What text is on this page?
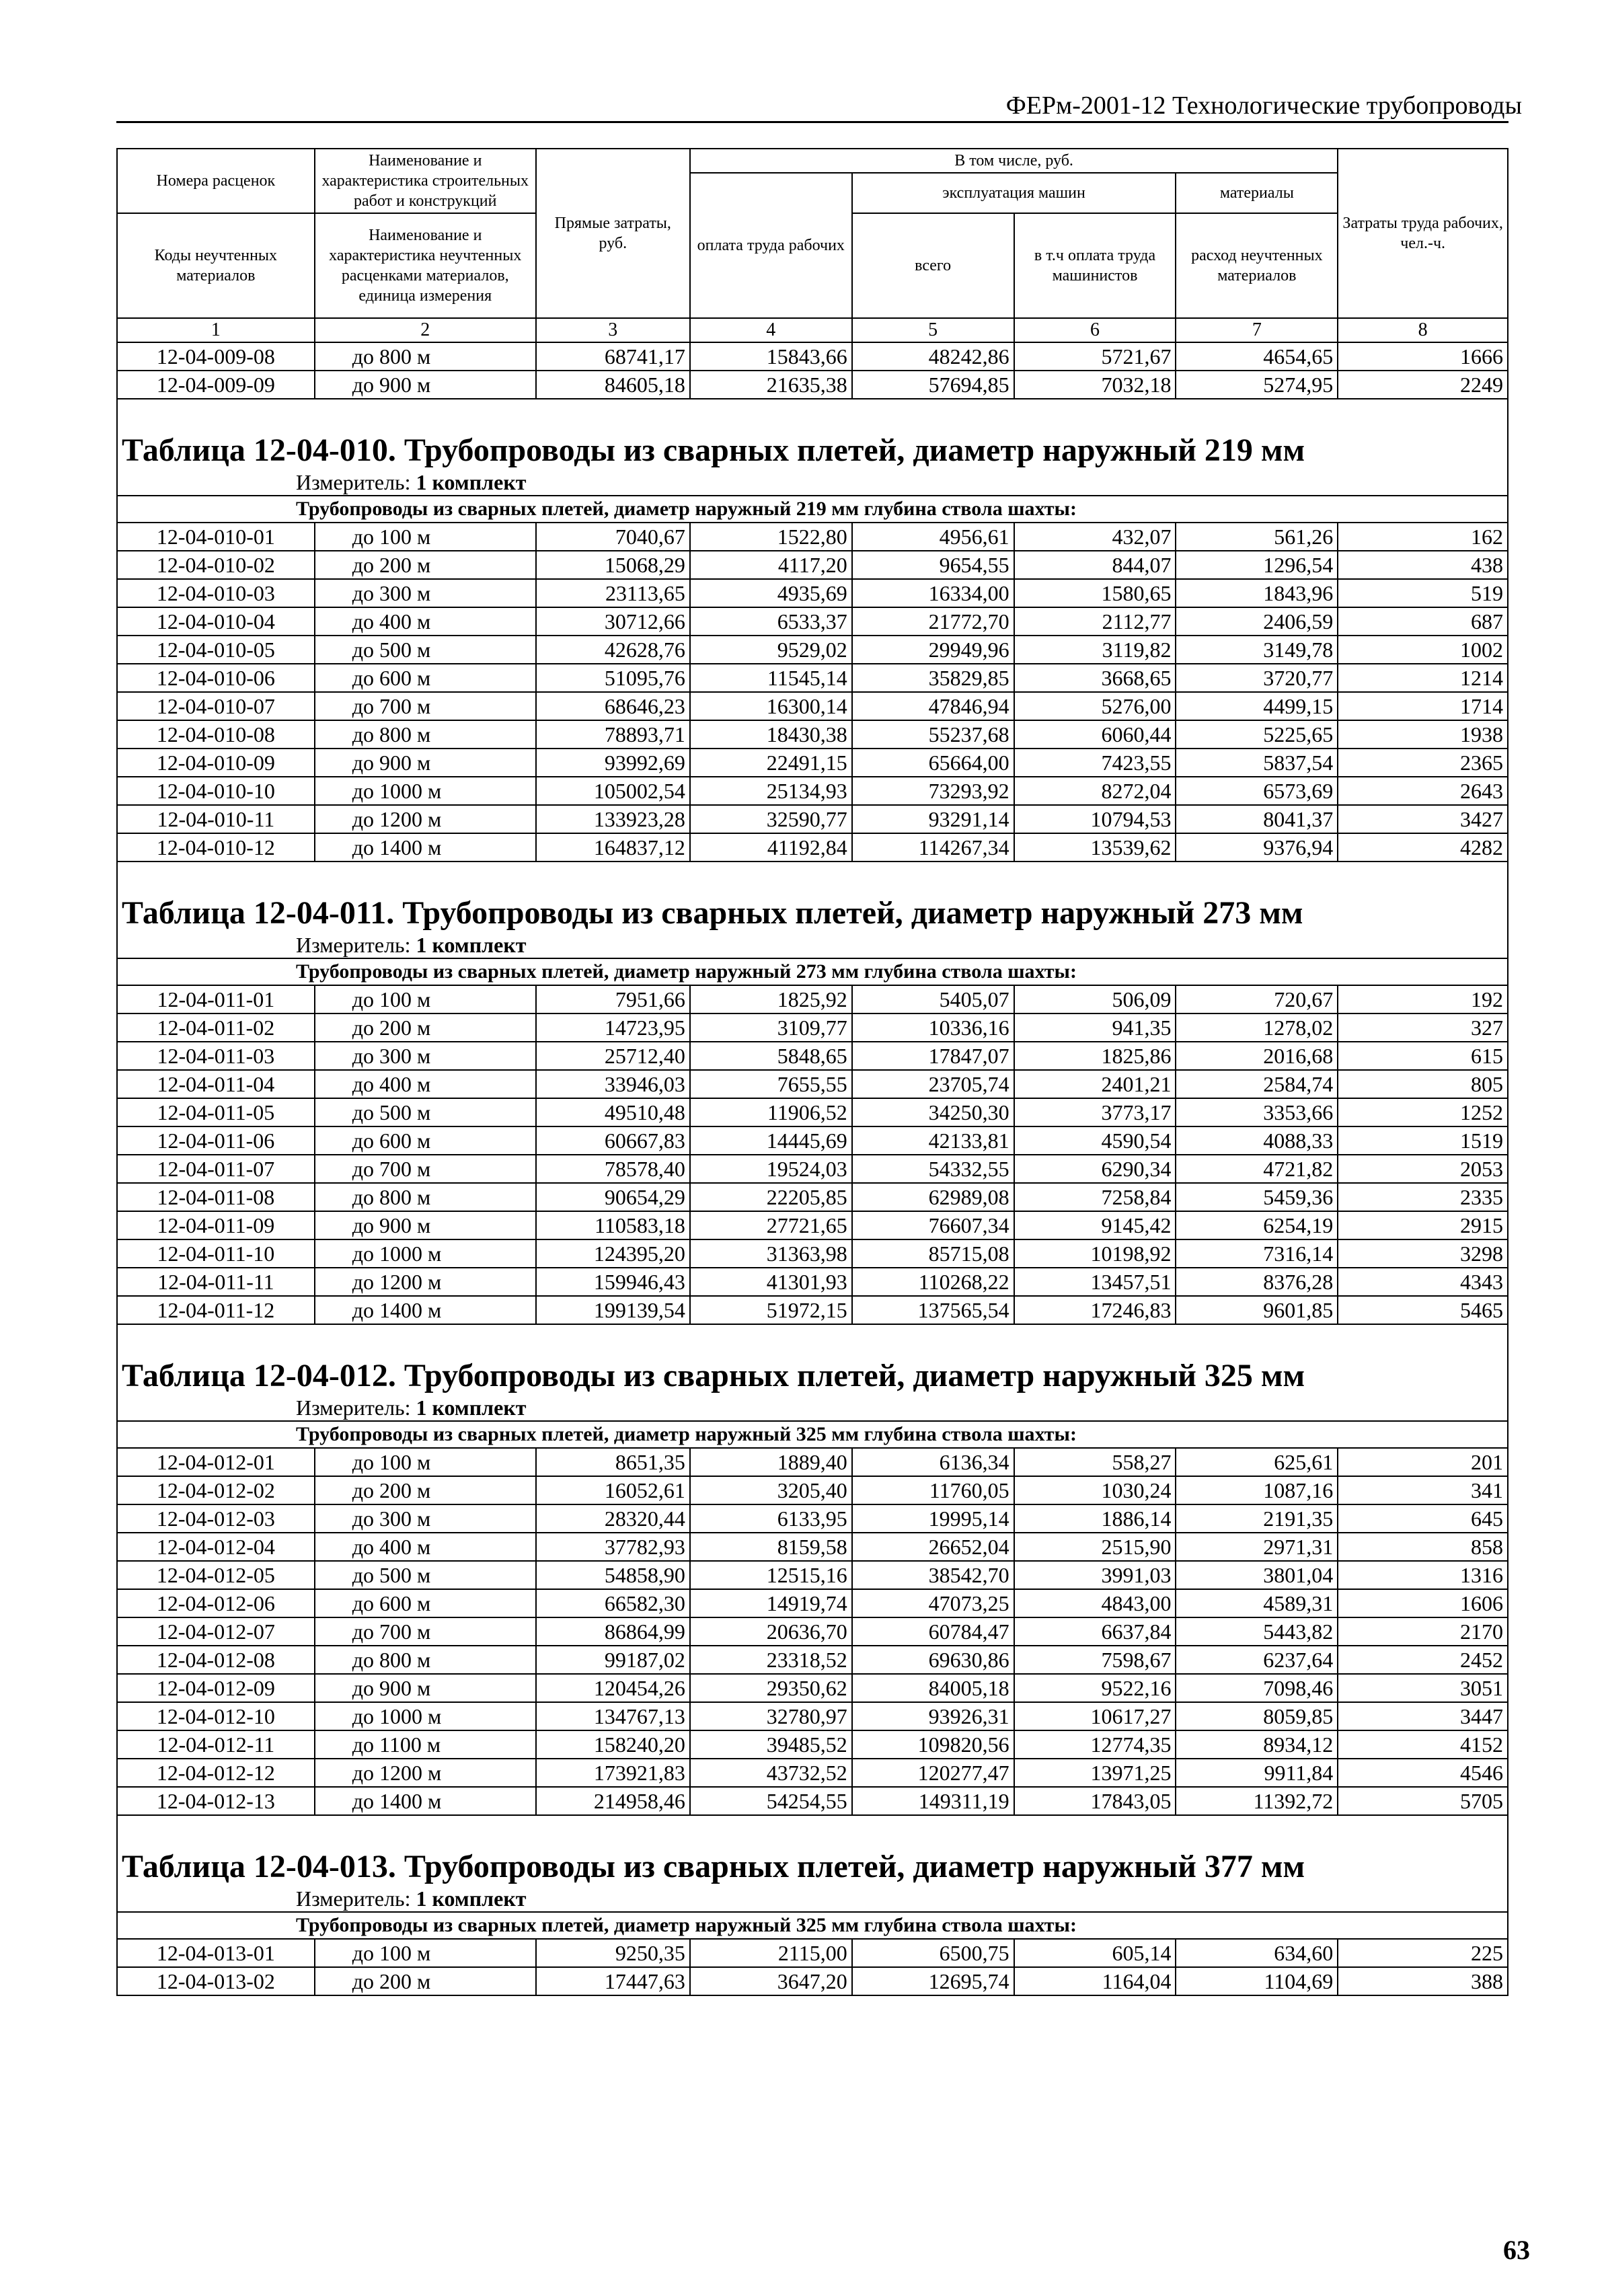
ФЕРм-2001-12 Технологические трубопроводы
Номера расценок	Наименование и характеристика строительных работ и конструкций	Прямые затраты, руб.	В том числе, руб.				Затраты труда рабочих, чел.-ч.
			оплата труда рабочих	эксплуатация машин		материалы	
Коды неучтенных материалов	Наименование и характеристика неучтенных расценками материалов, единица измерения			всего	в т.ч оплата труда машинистов	расход неучтенных материалов	

1	2	3	4	5	6	7	8
12-04-009-08	до 800 м	68741,17	15843,66	48242,86	5721,67	4654,65	1666
12-04-009-09	до 900 м	84605,18	21635,38	57694,85	7032,18	5274,95	2249

Таблица 12-04-010. Трубопроводы из сварных плетей, диаметр наружный 219 мм							

Измеритель: 1 комплект							
Трубопроводы из сварных плетей, диаметр наружный 219 мм глубина ствола шахты:							
12-04-010-01	до 100 м	7040,67	1522,80	4956,61	432,07	561,26	162
12-04-010-02	до 200 м	15068,29	4117,20	9654,55	844,07	1296,54	438
12-04-010-03	до 300 м	23113,65	4935,69	16334,00	1580,65	1843,96	519
12-04-010-04	до 400 м	30712,66	6533,37	21772,70	2112,77	2406,59	687
12-04-010-05	до 500 м	42628,76	9529,02	29949,96	3119,82	3149,78	1002
12-04-010-06	до 600 м	51095,76	11545,14	35829,85	3668,65	3720,77	1214
12-04-010-07	до 700 м	68646,23	16300,14	47846,94	5276,00	4499,15	1714
12-04-010-08	до 800 м	78893,71	18430,38	55237,68	6060,44	5225,65	1938
12-04-010-09	до 900 м	93992,69	22491,15	65664,00	7423,55	5837,54	2365
12-04-010-10	до 1000 м	105002,54	25134,93	73293,92	8272,04	6573,69	2643
12-04-010-11	до 1200 м	133923,28	32590,77	93291,14	10794,53	8041,37	3427
12-04-010-12	до 1400 м	164837,12	41192,84	114267,34	13539,62	9376,94	4282

Таблица 12-04-011. Трубопроводы из сварных плетей, диаметр наружный 273 мм							

Измеритель: 1 комплект							
Трубопроводы из сварных плетей, диаметр наружный 273 мм глубина ствола шахты:							
12-04-011-01	до 100 м	7951,66	1825,92	5405,07	506,09	720,67	192
12-04-011-02	до 200 м	14723,95	3109,77	10336,16	941,35	1278,02	327
12-04-011-03	до 300 м	25712,40	5848,65	17847,07	1825,86	2016,68	615
12-04-011-04	до 400 м	33946,03	7655,55	23705,74	2401,21	2584,74	805
12-04-011-05	до 500 м	49510,48	11906,52	34250,30	3773,17	3353,66	1252
12-04-011-06	до 600 м	60667,83	14445,69	42133,81	4590,54	4088,33	1519
12-04-011-07	до 700 м	78578,40	19524,03	54332,55	6290,34	4721,82	2053
12-04-011-08	до 800 м	90654,29	22205,85	62989,08	7258,84	5459,36	2335
12-04-011-09	до 900 м	110583,18	27721,65	76607,34	9145,42	6254,19	2915
12-04-011-10	до 1000 м	124395,20	31363,98	85715,08	10198,92	7316,14	3298
12-04-011-11	до 1200 м	159946,43	41301,93	110268,22	13457,51	8376,28	4343
12-04-011-12	до 1400 м	199139,54	51972,15	137565,54	17246,83	9601,85	5465

Таблица 12-04-012. Трубопроводы из сварных плетей, диаметр наружный 325 мм							

Измеритель: 1 комплект							
Трубопроводы из сварных плетей, диаметр наружный 325 мм глубина ствола шахты:							
12-04-012-01	до 100 м	8651,35	1889,40	6136,34	558,27	625,61	201
12-04-012-02	до 200 м	16052,61	3205,40	11760,05	1030,24	1087,16	341
12-04-012-03	до 300 м	28320,44	6133,95	19995,14	1886,14	2191,35	645
12-04-012-04	до 400 м	37782,93	8159,58	26652,04	2515,90	2971,31	858
12-04-012-05	до 500 м	54858,90	12515,16	38542,70	3991,03	3801,04	1316
12-04-012-06	до 600 м	66582,30	14919,74	47073,25	4843,00	4589,31	1606
12-04-012-07	до 700 м	86864,99	20636,70	60784,47	6637,84	5443,82	2170
12-04-012-08	до 800 м	99187,02	23318,52	69630,86	7598,67	6237,64	2452
12-04-012-09	до 900 м	120454,26	29350,62	84005,18	9522,16	7098,46	3051
12-04-012-10	до 1000 м	134767,13	32780,97	93926,31	10617,27	8059,85	3447
12-04-012-11	до 1100 м	158240,20	39485,52	109820,56	12774,35	8934,12	4152
12-04-012-12	до 1200 м	173921,83	43732,52	120277,47	13971,25	9911,84	4546
12-04-012-13	до 1400 м	214958,46	54254,55	149311,19	17843,05	11392,72	5705

Таблица 12-04-013. Трубопроводы из сварных плетей, диаметр наружный 377 мм							

Измеритель: 1 комплект							
Трубопроводы из сварных плетей, диаметр наружный 325 мм глубина ствола шахты:							
12-04-013-01	до 100 м	9250,35	2115,00	6500,75	605,14	634,60	225
12-04-013-02	до 200 м	17447,63	3647,20	12695,74	1164,04	1104,69	388
63
